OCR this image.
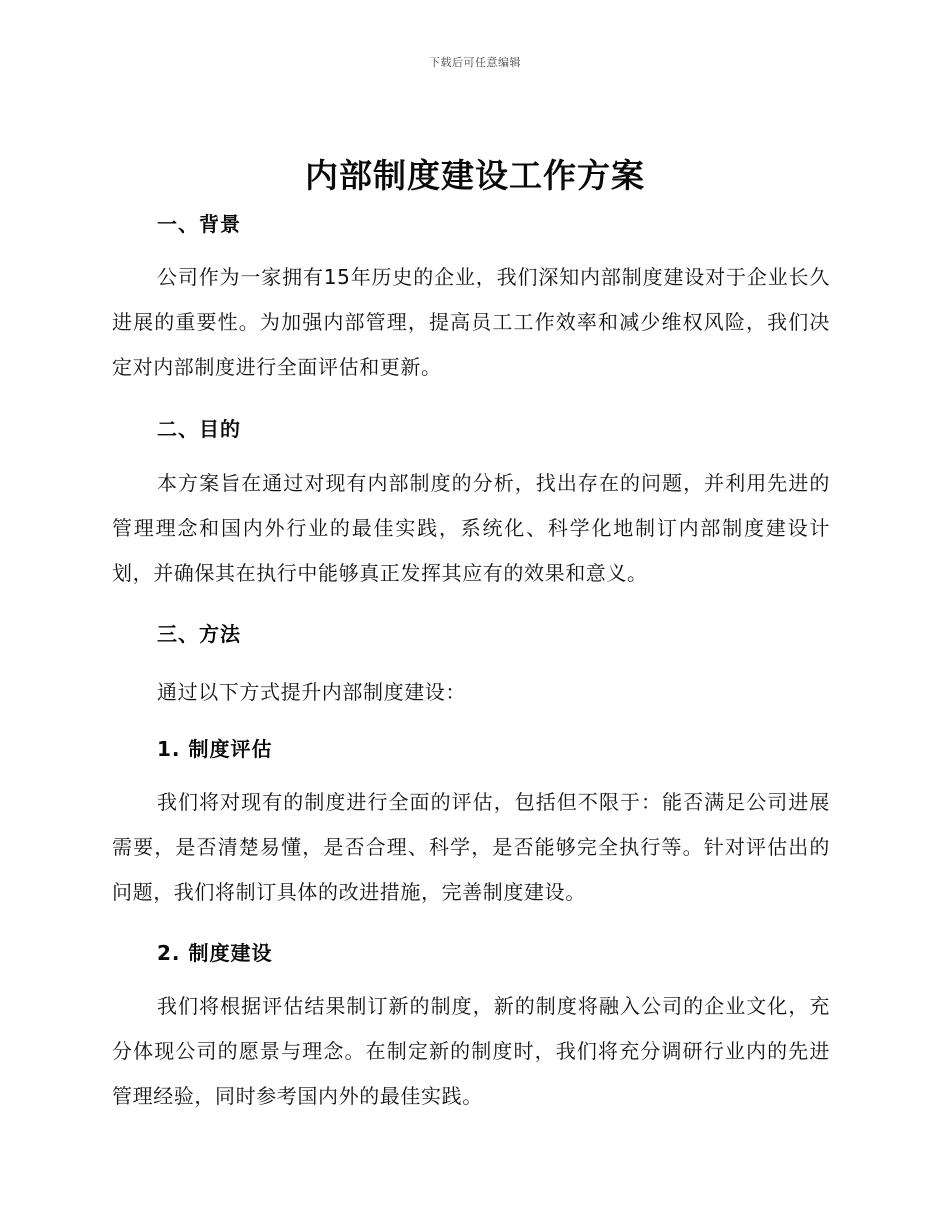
下载后可任意编辑
内部制度建设工作方案
一、背景
公司作为一家拥有15年历史的企业，我们深知内部制度建设对于企业长久进展的重要性。为加强内部管理，提高员工工作效率和减少维权风险，我们决定对内部制度进行全面评估和更新。
二、目的
本方案旨在通过对现有内部制度的分析，找出存在的问题，并利用先进的管理理念和国内外行业的最佳实践，系统化、科学化地制订内部制度建设计划，并确保其在执行中能够真正发挥其应有的效果和意义。
三、方法
通过以下方式提升内部制度建设：
1. 制度评估
我们将对现有的制度进行全面的评估，包括但不限于：能否满足公司进展需要，是否清楚易懂，是否合理、科学，是否能够完全执行等。针对评估出的问题，我们将制订具体的改进措施，完善制度建设。
2. 制度建设
我们将根据评估结果制订新的制度，新的制度将融入公司的企业文化，充分体现公司的愿景与理念。在制定新的制度时，我们将充分调研行业内的先进管理经验，同时参考国内外的最佳实践。
